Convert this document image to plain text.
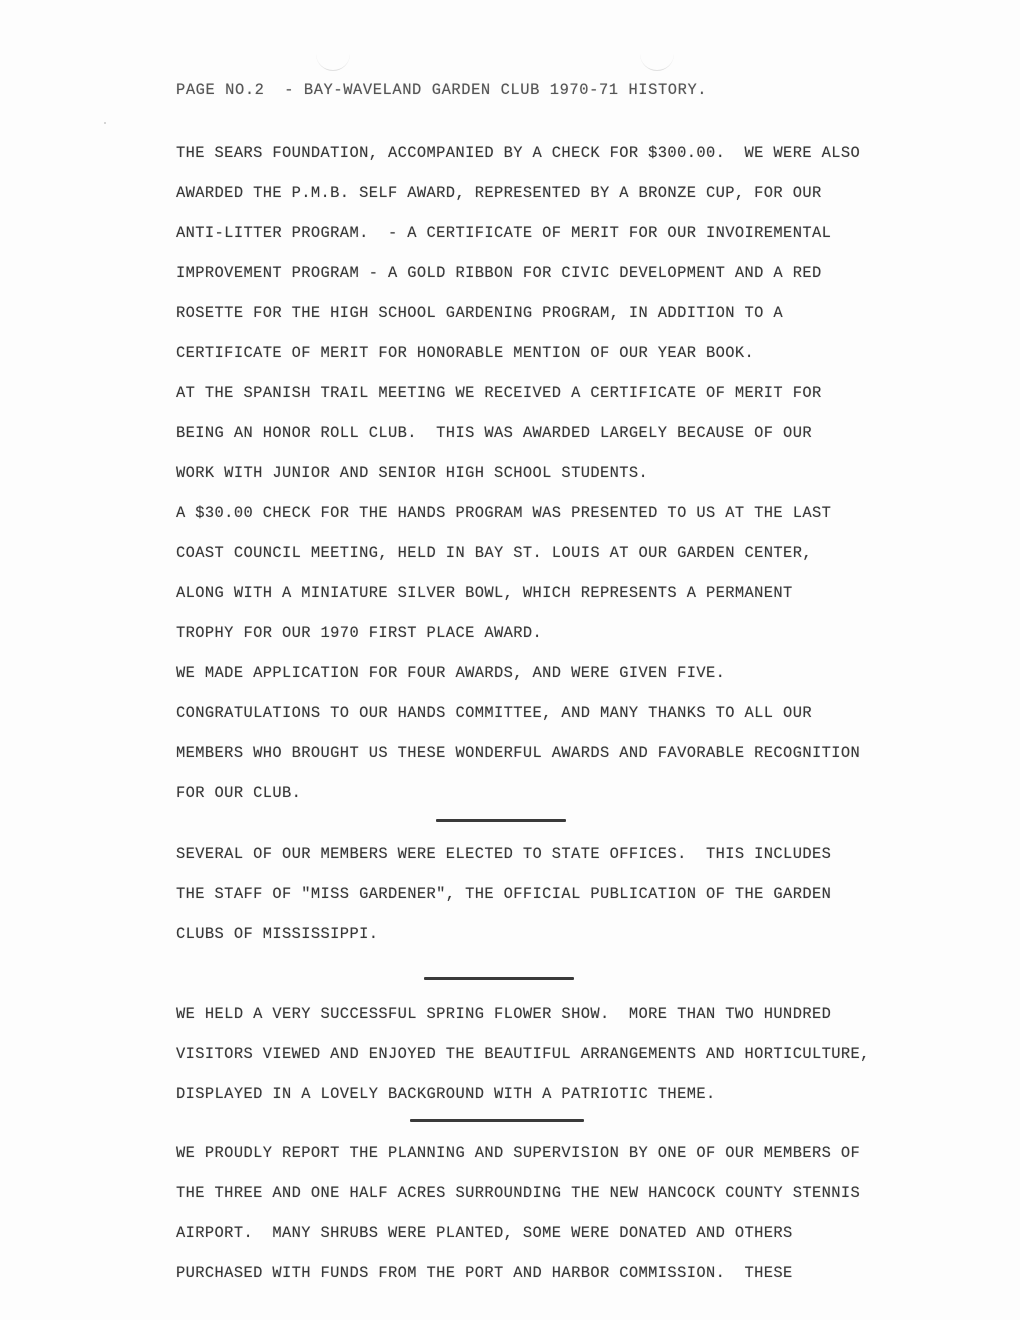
PAGE NO.2  - BAY-WAVELAND GARDEN CLUB 1970-71 HISTORY.
THE SEARS FOUNDATION, ACCOMPANIED BY A CHECK FOR $300.00.  WE WERE ALSO
AWARDED THE P.M.B. SELF AWARD, REPRESENTED BY A BRONZE CUP, FOR OUR
ANTI-LITTER PROGRAM.  - A CERTIFICATE OF MERIT FOR OUR INVOIREMENTAL
IMPROVEMENT PROGRAM - A GOLD RIBBON FOR CIVIC DEVELOPMENT AND A RED
ROSETTE FOR THE HIGH SCHOOL GARDENING PROGRAM, IN ADDITION TO A
CERTIFICATE OF MERIT FOR HONORABLE MENTION OF OUR YEAR BOOK.
AT THE SPANISH TRAIL MEETING WE RECEIVED A CERTIFICATE OF MERIT FOR
BEING AN HONOR ROLL CLUB.  THIS WAS AWARDED LARGELY BECAUSE OF OUR
WORK WITH JUNIOR AND SENIOR HIGH SCHOOL STUDENTS.
A $30.00 CHECK FOR THE HANDS PROGRAM WAS PRESENTED TO US AT THE LAST
COAST COUNCIL MEETING, HELD IN BAY ST. LOUIS AT OUR GARDEN CENTER,
ALONG WITH A MINIATURE SILVER BOWL, WHICH REPRESENTS A PERMANENT
TROPHY FOR OUR 1970 FIRST PLACE AWARD.
WE MADE APPLICATION FOR FOUR AWARDS, AND WERE GIVEN FIVE.
CONGRATULATIONS TO OUR HANDS COMMITTEE, AND MANY THANKS TO ALL OUR
MEMBERS WHO BROUGHT US THESE WONDERFUL AWARDS AND FAVORABLE RECOGNITION
FOR OUR CLUB.
SEVERAL OF OUR MEMBERS WERE ELECTED TO STATE OFFICES.  THIS INCLUDES
THE STAFF OF "MISS GARDENER", THE OFFICIAL PUBLICATION OF THE GARDEN
CLUBS OF MISSISSIPPI.
WE HELD A VERY SUCCESSFUL SPRING FLOWER SHOW.  MORE THAN TWO HUNDRED
VISITORS VIEWED AND ENJOYED THE BEAUTIFUL ARRANGEMENTS AND HORTICULTURE,
DISPLAYED IN A LOVELY BACKGROUND WITH A PATRIOTIC THEME.
WE PROUDLY REPORT THE PLANNING AND SUPERVISION BY ONE OF OUR MEMBERS OF
THE THREE AND ONE HALF ACRES SURROUNDING THE NEW HANCOCK COUNTY STENNIS
AIRPORT.  MANY SHRUBS WERE PLANTED, SOME WERE DONATED AND OTHERS
PURCHASED WITH FUNDS FROM THE PORT AND HARBOR COMMISSION.  THESE
